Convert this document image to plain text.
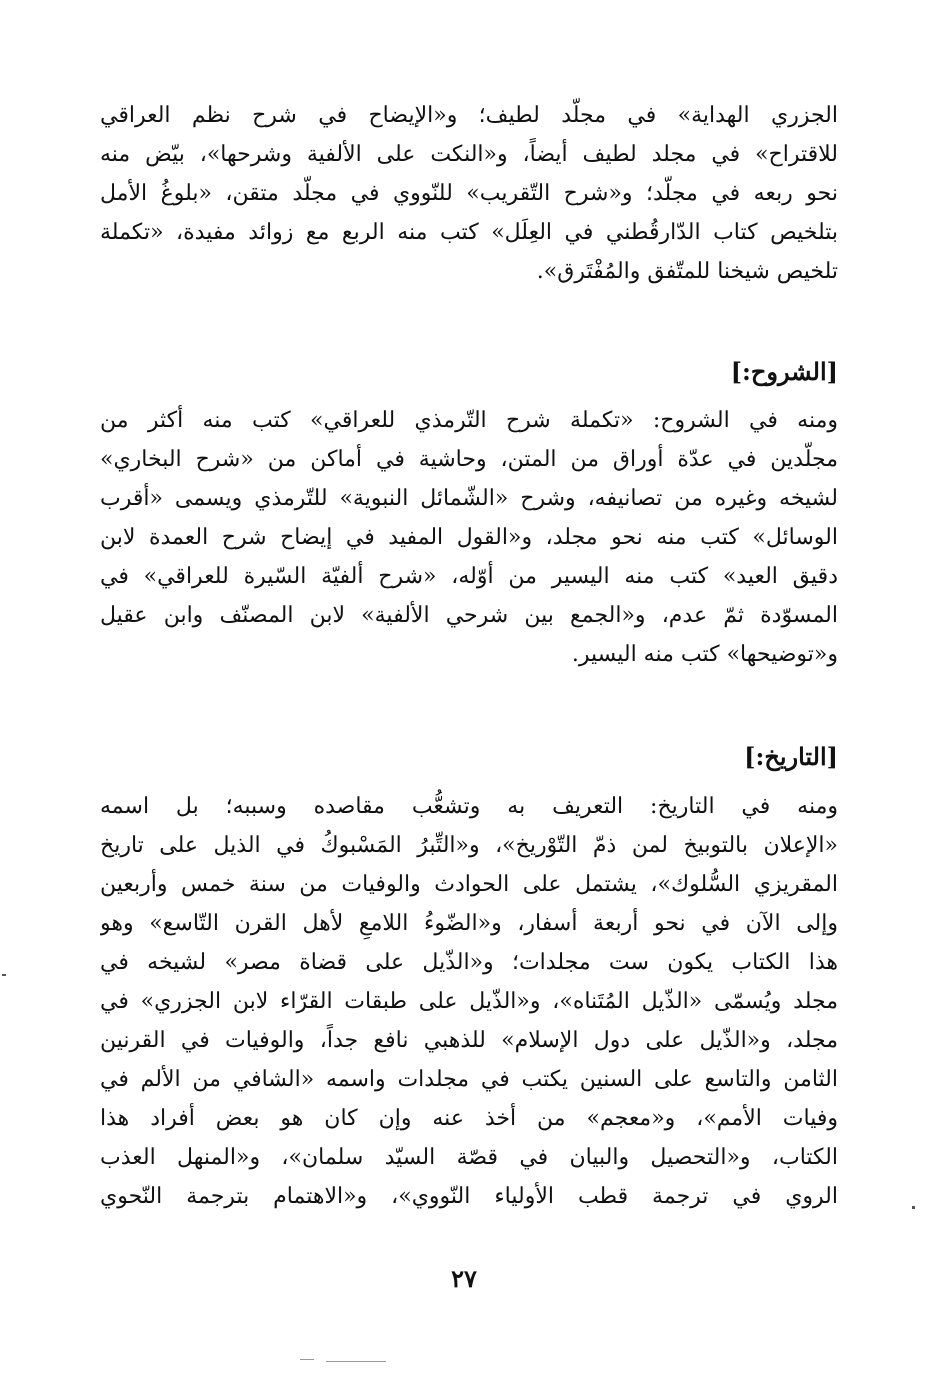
الجزري الهداية» في مجلّد لطيف؛ و«الإيضاح في شرح نظم العراقي
للاقتراح» في مجلد لطيف أيضاً، و«النكت على الألفية وشرحها»، بيّض منه
نحو ربعه في مجلّد؛ و«شرح التّقريب» للنّووي في مجلّد متقن، «بلوغُ الأمل
بتلخيص كتاب الدّارقُطني في العِلَل» كتب منه الربع مع زوائد مفيدة، «تكملة
تلخيص شيخنا للمتّفق والمُفْتَرق».
[الشروح:]
ومنه في الشروح: «تكملة شرح التّرمذي للعراقي» كتب منه أكثر من
مجلّدين في عدّة أوراق من المتن، وحاشية في أماكن من «شرح البخاري»
لشيخه وغيره من تصانيفه، وشرح «الشّمائل النبوية» للتّرمذي ويسمى «أقرب
الوسائل» كتب منه نحو مجلد، و«القول المفيد في إيضاح شرح العمدة لابن
دقيق العيد» كتب منه اليسير من أوّله، «شرح ألفيّة السّيرة للعراقي» في
المسوّدة ثمّ عدم، و«الجمع بين شرحي الألفية» لابن المصنّف وابن عقيل
و«توضيحها» كتب منه اليسير.
[التاريخ:]
ومنه في التاريخ: التعريف به وتشعُّب مقاصده وسببه؛ بل اسمه
«الإعلان بالتوبيخ لمن ذمّ التّوْريخ»، و«التِّبرُ المَسْبوكُ في الذيل على تاريخ
المقريزي السُّلوك»، يشتمل على الحوادث والوفيات من سنة خمس وأربعين
وإلى الآن في نحو أربعة أسفار، و«الضّوءُ اللامعِ لأهل القرن التّاسع» وهو
هذا الكتاب يكون ست مجلدات؛ و«الذّيل على قضاة مصر» لشيخه في
مجلد ويُسمّى «الذّيل المُتَناه»، و«الذّيل على طبقات القرّاء لابن الجزري» في
مجلد، و«الذّيل على دول الإسلام» للذهبي نافع جداً، والوفيات في القرنين
الثامن والتاسع على السنين يكتب في مجلدات واسمه «الشافي من الألم في
وفيات الأمم»، و«معجم» من أخذ عنه وإن كان هو بعض أفراد هذا
الكتاب، و«التحصيل والبيان في قصّة السيّد سلمان»، و«المنهل العذب
الروي في ترجمة قطب الأولياء النّووي»، و«الاهتمام بترجمة النّحوي
٢٧
